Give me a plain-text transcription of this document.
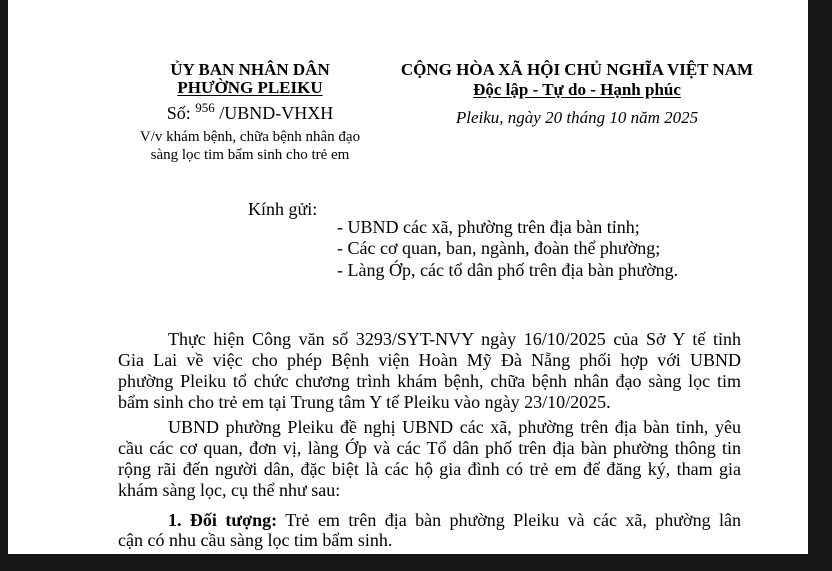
ỦY BAN NHÂN DÂN
PHƯỜNG PLEIKU
Số: $^{956}$ /UBND-VHXH
V/v khám bệnh, chữa bệnh nhân đạo
sàng lọc tim bẩm sinh cho trẻ em
CỘNG HÒA XÃ HỘI CHỦ NGHĨA VIỆT NAM
Độc lập - Tự do - Hạnh phúc
Pleiku, ngày 20 tháng 10 năm 2025
Kính gửi:
- UBND các xã, phường trên địa bàn tỉnh;
- Các cơ quan, ban, ngành, đoàn thể phường;
- Làng Ớp, các tổ dân phố trên địa bàn phường.
Thực hiện Công văn số 3293/SYT-NVY ngày 16/10/2025 của Sở Y tế tỉnh
Gia Lai về việc cho phép Bệnh viện Hoàn Mỹ Đà Nẵng phối hợp với UBND
phường Pleiku tổ chức chương trình khám bệnh, chữa bệnh nhân đạo sàng lọc tim
bẩm sinh cho trẻ em tại Trung tâm Y tế Pleiku vào ngày 23/10/2025.
UBND phường Pleiku đề nghị UBND các xã, phường trên địa bàn tỉnh, yêu
cầu các cơ quan, đơn vị, làng Ớp và các Tổ dân phố trên địa bàn phường thông tin
rộng rãi đến người dân, đặc biệt là các hộ gia đình có trẻ em để đăng ký, tham gia
khám sàng lọc, cụ thể như sau:
1. Đối tượng: Trẻ em trên địa bàn phường Pleiku và các xã, phường lân
cận có nhu cầu sàng lọc tim bẩm sinh.
